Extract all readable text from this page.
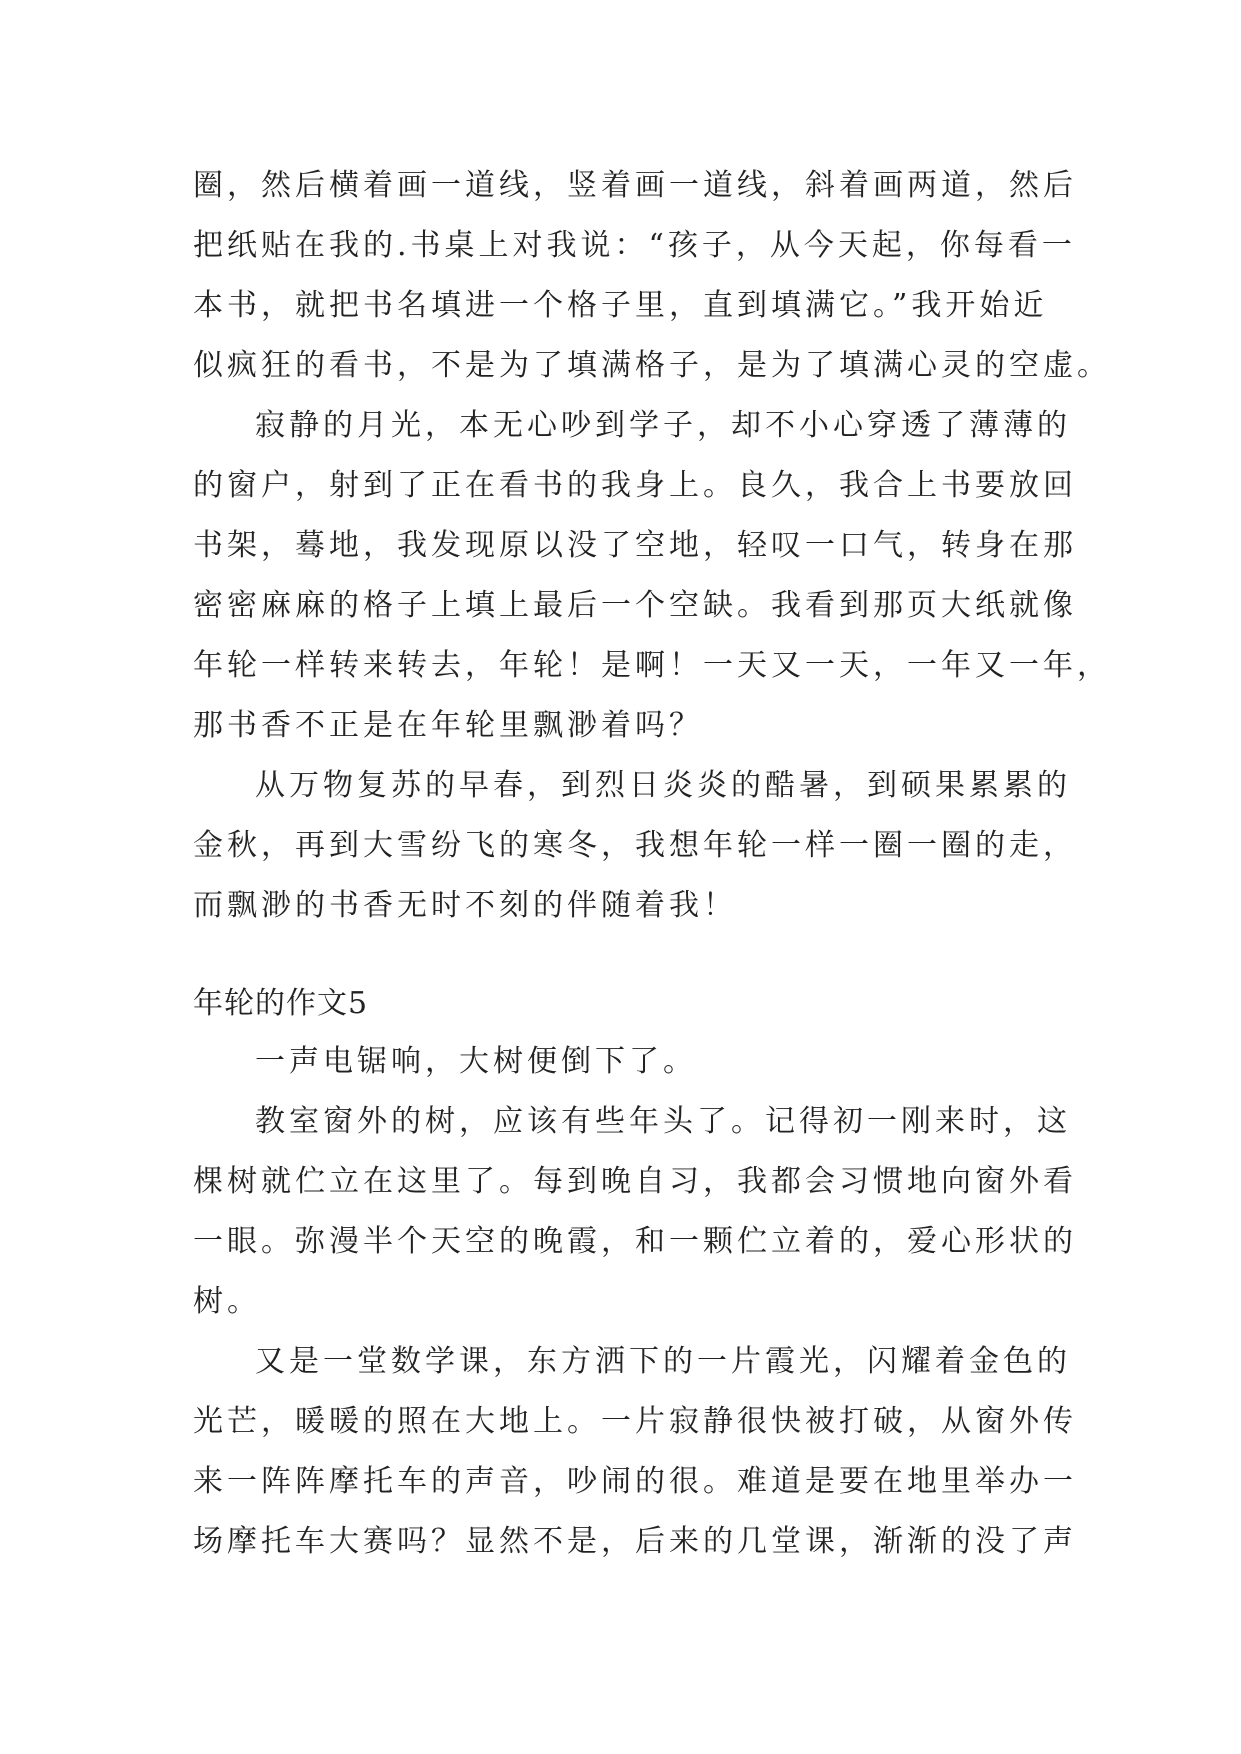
圈，然后横着画一道线，竖着画一道线，斜着画两道，然后
把纸贴在我的.书桌上对我说：“孩子，从今天起，你每看一
本书，就把书名填进一个格子里，直到填满它。”我开始近
似疯狂的看书，不是为了填满格子，是为了填满心灵的空虚。
寂静的月光，本无心吵到学子，却不小心穿透了薄薄的
的窗户，射到了正在看书的我身上。良久，我合上书要放回
书架，蓦地，我发现原以没了空地，轻叹一口气，转身在那
密密麻麻的格子上填上最后一个空缺。我看到那页大纸就像
年轮一样转来转去，年轮！是啊！一天又一天，一年又一年，
那书香不正是在年轮里飘渺着吗？
从万物复苏的早春，到烈日炎炎的酷暑，到硕果累累的
金秋，再到大雪纷飞的寒冬，我想年轮一样一圈一圈的走，
而飘渺的书香无时不刻的伴随着我！
年轮的作文5
一声电锯响，大树便倒下了。
教室窗外的树，应该有些年头了。记得初一刚来时，这
棵树就伫立在这里了。每到晚自习，我都会习惯地向窗外看
一眼。弥漫半个天空的晚霞，和一颗伫立着的，爱心形状的
树。
又是一堂数学课，东方洒下的一片霞光，闪耀着金色的
光芒，暖暖的照在大地上。一片寂静很快被打破，从窗外传
来一阵阵摩托车的声音，吵闹的很。难道是要在地里举办一
场摩托车大赛吗？显然不是，后来的几堂课，渐渐的没了声
